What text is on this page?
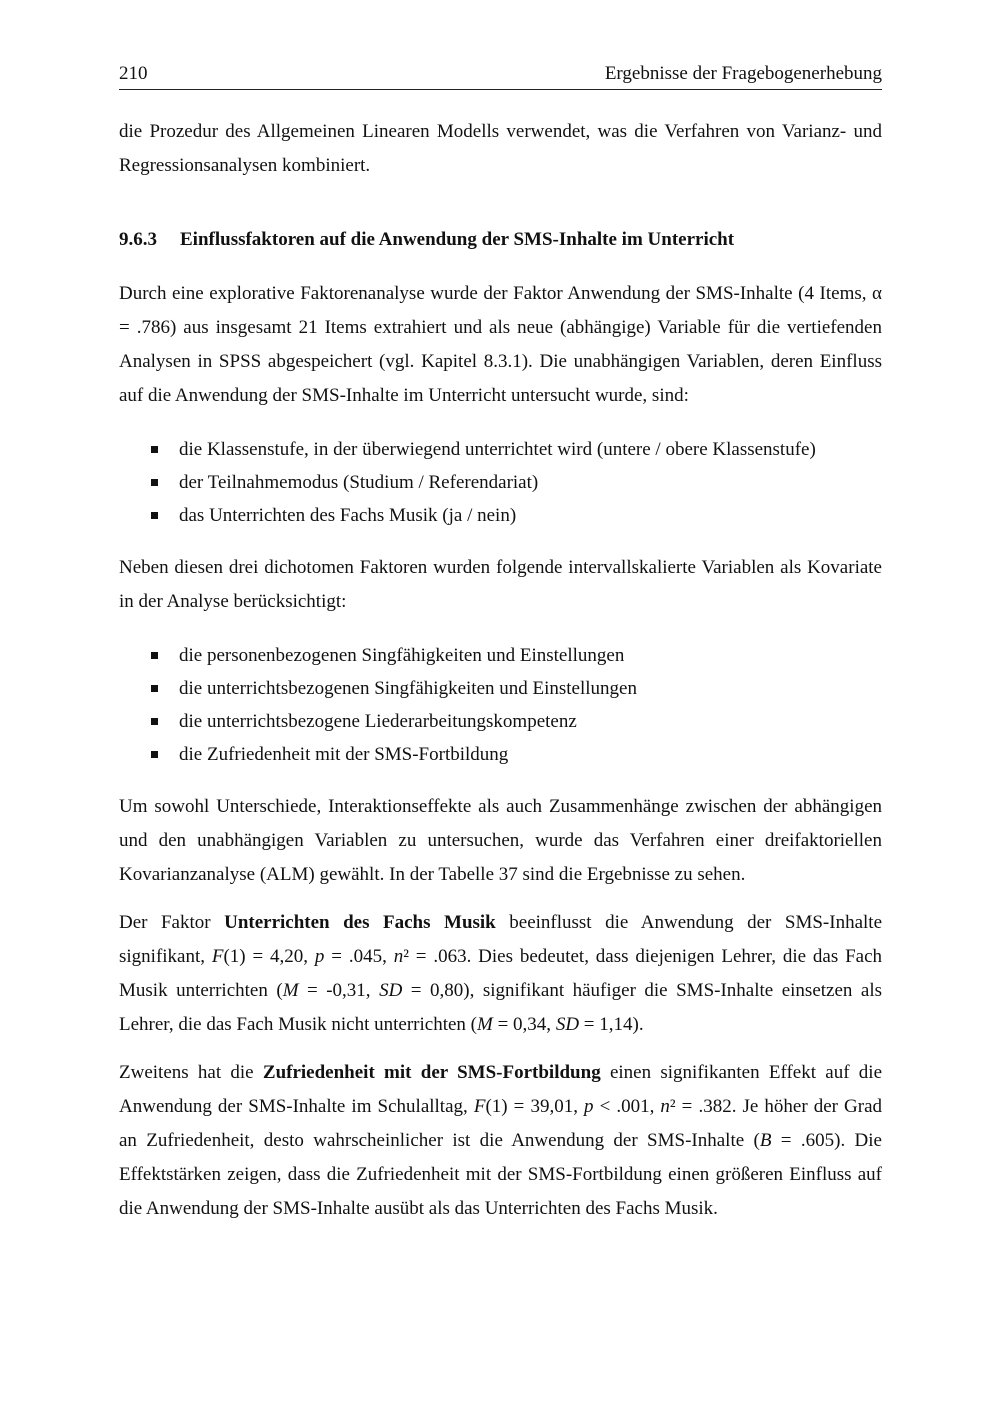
210	Ergebnisse der Fragebogenerhebung

die Prozedur des Allgemeinen Linearen Modells verwendet, was die Verfahren von Varianz- und Regressionsanalysen kombiniert.

9.6.3	Einflussfaktoren auf die Anwendung der SMS-Inhalte im Unterricht

Durch eine explorative Faktorenanalyse wurde der Faktor Anwendung der SMS-Inhalte (4 Items, α = .786) aus insgesamt 21 Items extrahiert und als neue (abhängige) Variable für die vertiefenden Analysen in SPSS abgespeichert (vgl. Kapitel 8.3.1). Die unabhängigen Variablen, deren Einfluss auf die Anwendung der SMS-Inhalte im Unterricht untersucht wurde, sind:

die Klassenstufe, in der überwiegend unterrichtet wird (untere / obere Klassenstufe)
der Teilnahmemodus (Studium / Referendariat)
das Unterrichten des Fachs Musik (ja / nein)

Neben diesen drei dichotomen Faktoren wurden folgende intervallskalierte Variablen als Kovariate in der Analyse berücksichtigt:

die personenbezogenen Singfähigkeiten und Einstellungen
die unterrichtsbezogenen Singfähigkeiten und Einstellungen
die unterrichtsbezogene Liederarbeitungskompetenz
die Zufriedenheit mit der SMS-Fortbildung

Um sowohl Unterschiede, Interaktionseffekte als auch Zusammenhänge zwischen der abhängigen und den unabhängigen Variablen zu untersuchen, wurde das Verfahren einer dreifaktoriellen Kovarianzanalyse (ALM) gewählt. In der Tabelle 37 sind die Ergebnisse zu sehen.

Der Faktor Unterrichten des Fachs Musik beeinflusst die Anwendung der SMS-Inhalte signifikant, F(1) = 4,20, p = .045, n² = .063. Dies bedeutet, dass diejenigen Lehrer, die das Fach Musik unterrichten (M = -0,31, SD = 0,80), signifikant häufiger die SMS-Inhalte einsetzen als Lehrer, die das Fach Musik nicht unterrichten (M = 0,34, SD = 1,14).

Zweitens hat die Zufriedenheit mit der SMS-Fortbildung einen signifikanten Effekt auf die Anwendung der SMS-Inhalte im Schulalltag, F(1) = 39,01, p < .001, n² = .382. Je höher der Grad an Zufriedenheit, desto wahrscheinlicher ist die Anwendung der SMS-Inhalte (B = .605). Die Effektstärken zeigen, dass die Zufriedenheit mit der SMS-Fortbildung einen größeren Einfluss auf die Anwendung der SMS-Inhalte ausübt als das Unterrichten des Fachs Musik.
